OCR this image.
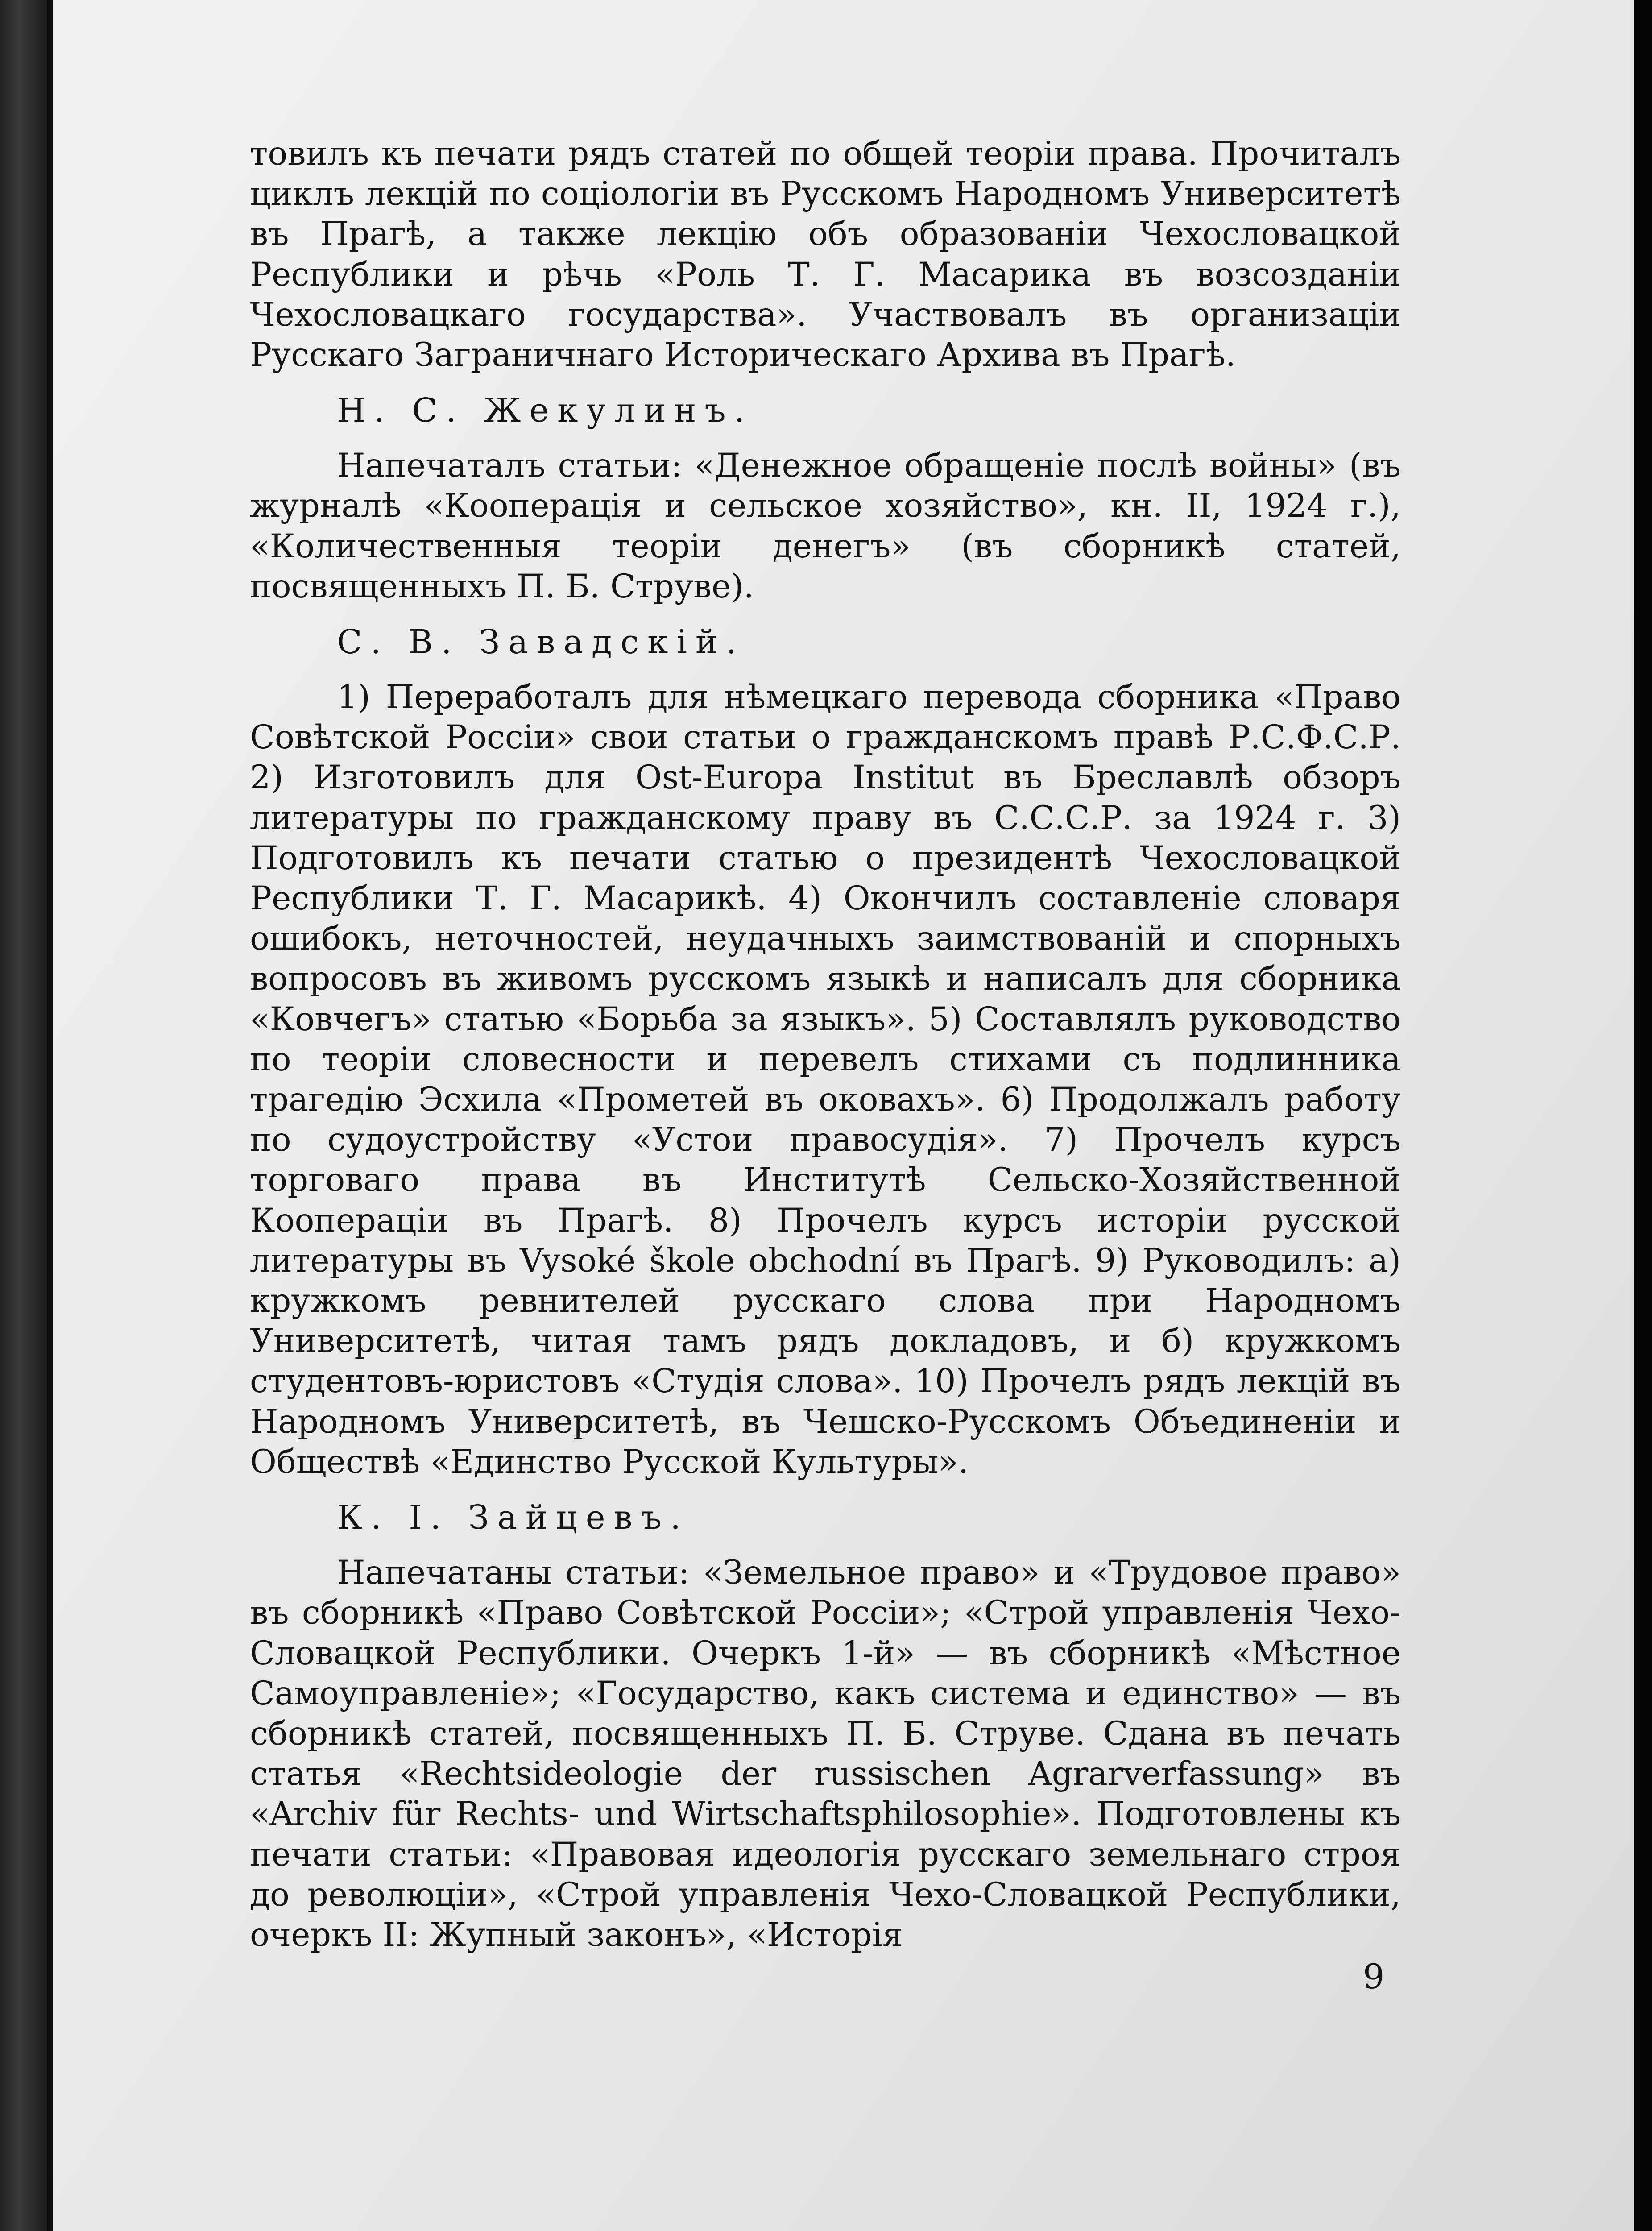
товилъ къ печати рядъ статей по общей теорiи права. Прочиталъ циклъ лекцiй по соцiологiи въ Русскомъ Народномъ Университетѣ въ Прагѣ, а также лекцiю объ образованiи Чехословацкой Республики и рѣчь «Роль Т. Г. Масарика въ возсозданiи Чехословацкаго государства». Участвовалъ въ организацiи Русскаго Заграничнаго Историческаго Архива въ Прагѣ.

Н. С. Жекулинъ.

Напечаталъ статьи: «Денежное обращенiе послѣ войны» (въ журналѣ «Кооперацiя и сельское хозяйство», кн. II, 1924 г.), «Количественныя теорiи денегъ» (въ сборникѣ статей, посвященныхъ П. Б. Струве).

С. В. Завадскiй.

1) Переработалъ для нѣмецкаго перевода сборника «Право Совѣтской Россiи» свои статьи о гражданскомъ правѣ Р.С.Ф.С.Р. 2) Изготовилъ для Ost-Europa Institut въ Бреславлѣ обзоръ литературы по гражданскому праву въ С.С.С.Р. за 1924 г. 3) Подготовилъ къ печати статью о президентѣ Чехословацкой Республики Т. Г. Масарикѣ. 4) Окончилъ составленiе словаря ошибокъ, неточностей, неудачныхъ заимствованiй и спорныхъ вопросовъ въ живомъ русскомъ языкѣ и написалъ для сборника «Ковчегъ» статью «Борьба за языкъ». 5) Составлялъ руководство по теорiи словесности и перевелъ стихами съ подлинника трагедiю Эсхила «Прометей въ оковахъ». 6) Продолжалъ работу по судоустройству «Устои правосудiя». 7) Прочелъ курсъ торговаго права въ Институтѣ Сельско-Хозяйственной Кооперацiи въ Прагѣ. 8) Прочелъ курсъ исторiи русской литературы въ Vysoké škole obchodní въ Прагѣ. 9) Руководилъ: а) кружкомъ ревнителей русскаго слова при Народномъ Университетѣ, читая тамъ рядъ докладовъ, и б) кружкомъ студентовъ-юристовъ «Студiя слова». 10) Прочелъ рядъ лекцiй въ Народномъ Университетѣ, въ Чешско-Русскомъ Объединенiи и Обществѣ «Единство Русской Культуры».

К. I. Зайцевъ.

Напечатаны статьи: «Земельное право» и «Трудовое право» въ сборникѣ «Право Совѣтской Россiи»; «Строй управленiя Чехо-Словацкой Республики. Очеркъ 1-й» — въ сборникѣ «Мѣстное Самоуправленiе»; «Государство, какъ система и единство» — въ сборникѣ статей, посвященныхъ П. Б. Струве. Сдана въ печать статья «Rechtsideologie der russischen Agrarverfassung» въ «Archiv für Rechts- und Wirtschaftsphilosophie». Подготовлены къ печати статьи: «Правовая идеологiя русскаго земельнаго строя до революцiи», «Строй управленiя Чехо-Словацкой Республики, очеркъ II: Жупный законъ», «Исторiя

9
